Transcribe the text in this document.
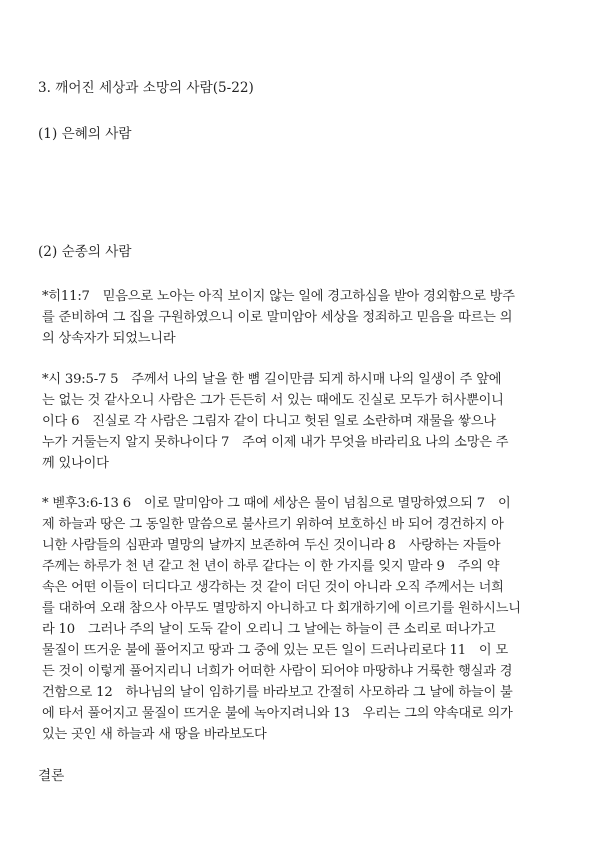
3. 깨어진 세상과 소망의 사람(5-22)
(1) 은혜의 사람
(2) 순종의 사람
*히11:7　믿음으로 노아는 아직 보이지 않는 일에 경고하심을 받아 경외함으로 방주
를 준비하여 그 집을 구원하였으니 이로 말미암아 세상을 정죄하고 믿음을 따르는 의
의 상속자가 되었느니라
*시 39:5-7 5　주께서 나의 날을 한 뼘 길이만큼 되게 하시매 나의 일생이 주 앞에
는 없는 것 같사오니 사람은 그가 든든히 서 있는 때에도 진실로 모두가 허사뿐이니
이다 6　진실로 각 사람은 그림자 같이 다니고 헛된 일로 소란하며 재물을 쌓으나
누가 거둘는지 알지 못하나이다 7　주여 이제 내가 무엇을 바라리요 나의 소망은 주
께 있나이다
* 벧후3:6-13 6　이로 말미암아 그 때에 세상은 물이 넘침으로 멸망하였으되 7　이
제 하늘과 땅은 그 동일한 말씀으로 불사르기 위하여 보호하신 바 되어 경건하지 아
니한 사람들의 심판과 멸망의 날까지 보존하여 두신 것이니라 8　사랑하는 자들아
주께는 하루가 천 년 같고 천 년이 하루 같다는 이 한 가지를 잊지 말라 9　주의 약
속은 어떤 이들이 더디다고 생각하는 것 같이 더딘 것이 아니라 오직 주께서는 너희
를 대하여 오래 참으사 아무도 멸망하지 아니하고 다 회개하기에 이르기를 원하시느니
라 10　그러나 주의 날이 도둑 같이 오리니 그 날에는 하늘이 큰 소리로 떠나가고
물질이 뜨거운 불에 풀어지고 땅과 그 중에 있는 모든 일이 드러나리로다 11　이 모
든 것이 이렇게 풀어지리니 너희가 어떠한 사람이 되어야 마땅하냐 거룩한 행실과 경
건함으로 12　하나님의 날이 임하기를 바라보고 간절히 사모하라 그 날에 하늘이 불
에 타서 풀어지고 물질이 뜨거운 불에 녹아지려니와 13　우리는 그의 약속대로 의가
있는 곳인 새 하늘과 새 땅을 바라보도다
결론
